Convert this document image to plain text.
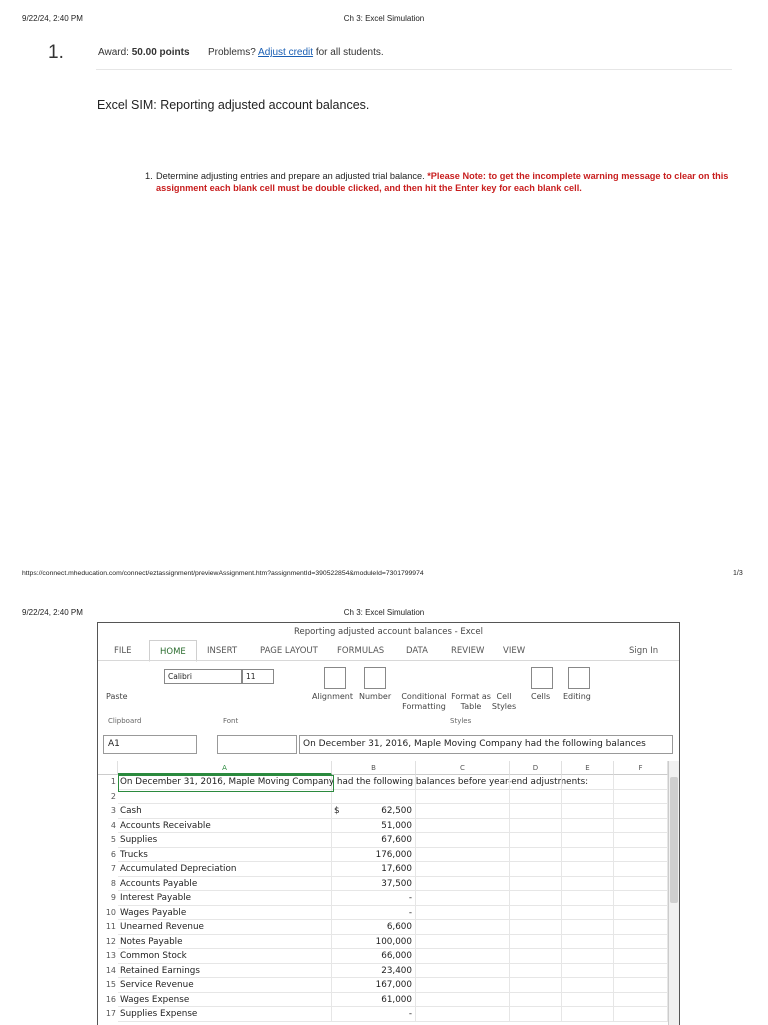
9/22/24, 2:40 PM	Ch 3: Excel Simulation
1.	Award: 50.00 points Problems? Adjust credit for all students.
Excel SIM: Reporting adjusted account balances.
1. Determine adjusting entries and prepare an adjusted trial balance. *Please Note: to get the incomplete warning message to clear on this assignment each blank cell must be double clicked, and then hit the Enter key for each blank cell.
https://connect.mheducation.com/connect/eztassignment/previewAssignment.htm?assignmentId=390522854&moduleId=7301799974	1/3
9/22/24, 2:40 PM	Ch 3: Excel Simulation
Reporting adjusted account balances - Excel
FILE	HOME	INSERT	PAGE LAYOUT FORMULAS	DATA	REVIEW VIEW	Sign In
Paste
Calibri	11
Alignment Number Conditional Formatting
Format as Table
Cell Styles
Cells Editing
Clipboard	Font	Styles
A1	On December 31, 2016, Maple Moving Company had the following balances
A	B	C	D	E	F
1 On December 31, 2016, Maple Moving Company had the following balances before year-end adjustments:
2
3 Cash	$	62,500
4 Accounts Receivable	51,000
5 Supplies	67,600
6 Trucks	176,000
7 Accumulated Depreciation	17,600
8 Accounts Payable	37,500
9 Interest Payable	-
10 Wages Payable	-
11 Unearned Revenue	6,600
12 Notes Payable	100,000
13 Common Stock	66,000
14 Retained Earnings	23,400
15 Service Revenue	167,000
16 Wages Expense	61,000
17 Supplies Expense	-
